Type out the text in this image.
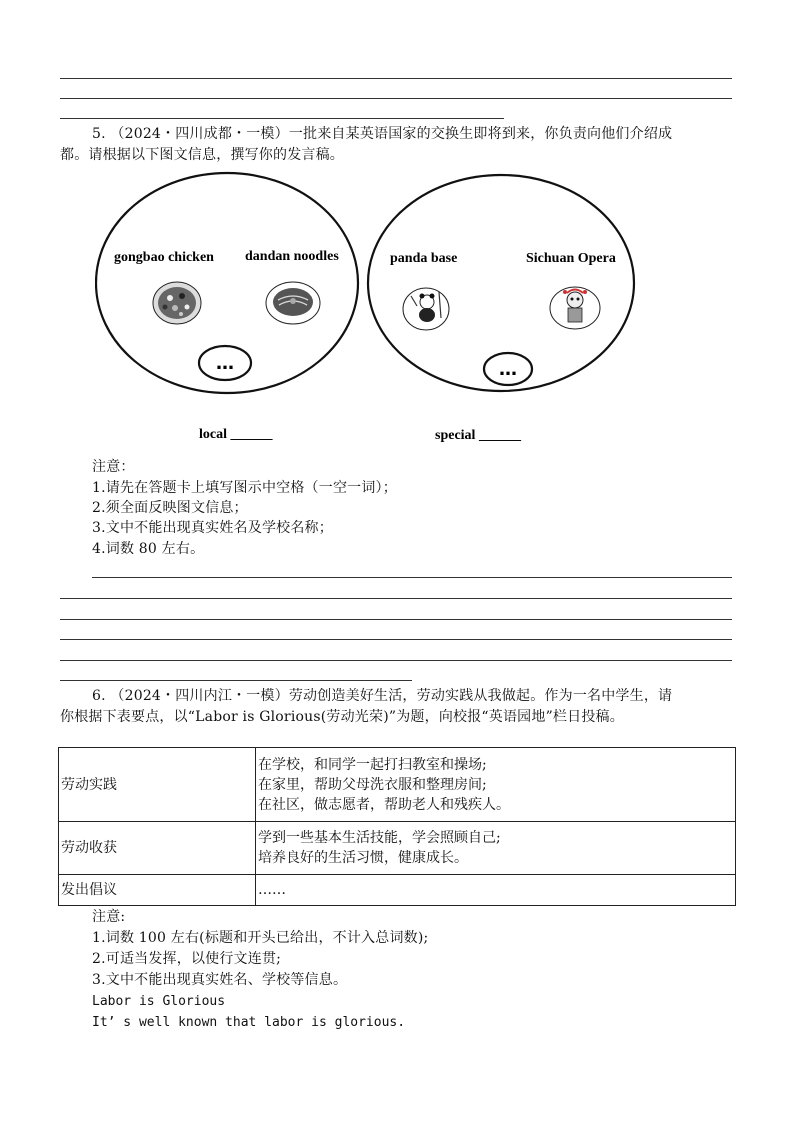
5. （2024・四川成都・一模）一批来自某英语国家的交换生即将到来，你负责向他们介绍成
都。请根据以下图文信息，撰写你的发言稿。
gongbao chicken dandan noodles
…
panda base	Sichuan Opera
…
local ______	special ______
注意：
1.请先在答题卡上填写图示中空格（一空一词）；
2.须全面反映图文信息；
3.文中不能出现真实姓名及学校名称；
4.词数 80 左右。
6. （2024・四川内江・一模）劳动创造美好生活，劳动实践从我做起。作为一名中学生，请
你根据下表要点，以“Labor is Glorious(劳动光荣)”为题，向校报“英语园地”栏日投稿。
劳动实践	在学校，和同学一起打扫教室和操场;
在家里，帮助父母洗衣服和整理房间;
在社区，做志愿者，帮助老人和残疾人。

劳动收获	学到一些基本生活技能，学会照顾自己;
培养良好的生活习惯，健康成长。

发出倡议	……
注意:
1.词数 100 左右(标题和开头已给出，不计入总词数);
2.可适当发挥，以使行文连贯;
3.文中不能出现真实姓名、学校等信息。
Labor is Glorious
It’ s well known that labor is glorious.
